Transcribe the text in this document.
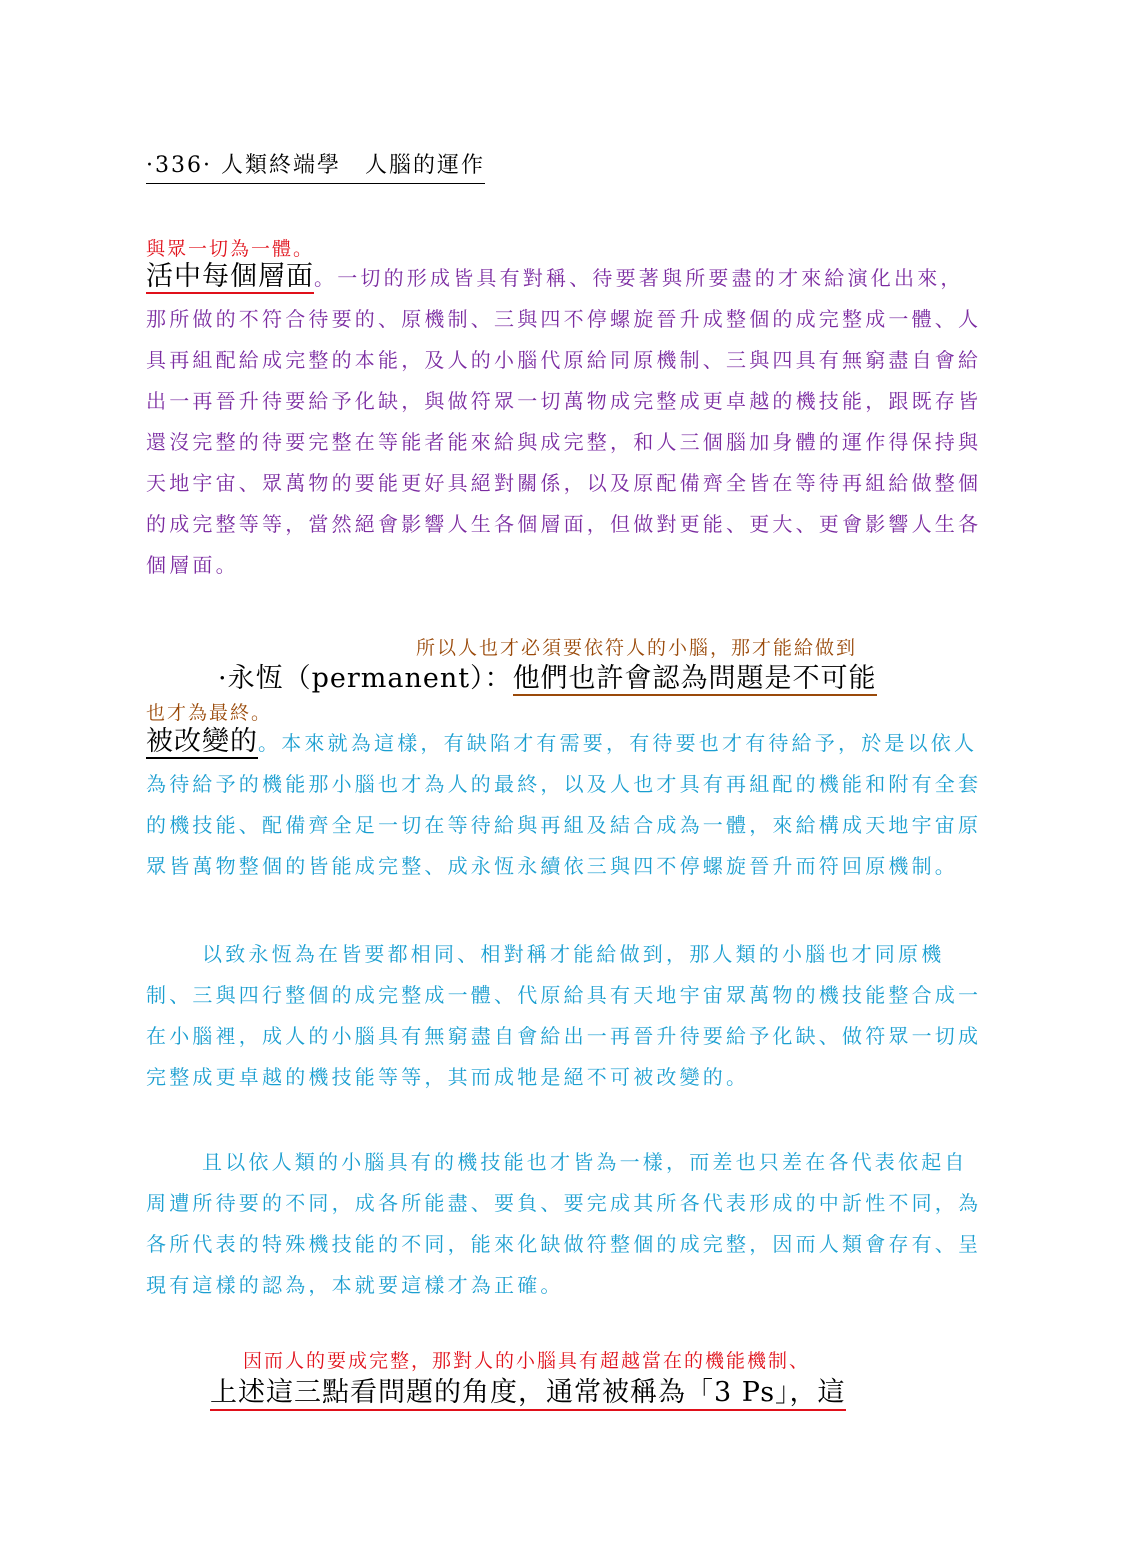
·336· 人類終端學　人腦的運作
與眾一切為一體。
活中每個層面。一切的形成皆具有對稱、待要著與所要盡的才來給演化出來，那所做的不符合待要的、原機制、三與四不停螺旋晉升成整個的成完整成一體、人具再組配給成完整的本能，及人的小腦代原給同原機制、三與四具有無窮盡自會給出一再晉升待要給予化缺，與做符眾一切萬物成完整成更卓越的機技能，跟既存皆還沒完整的待要完整在等能者能來給與成完整，和人三個腦加身體的運作得保持與天地宇宙、眾萬物的要能更好具絕對關係，以及原配備齊全皆在等待再組給做整個的成完整等等，當然絕會影響人生各個層面，但做對更能、更大、更會影響人生各個層面。
所以人也才必須要依符人的小腦，那才能給做到
·永恆（permanent）：他們也許會認為問題是不可能
也才為最終。
被改變的。本來就為這樣，有缺陷才有需要，有待要也才有待給予，於是以依人為待給予的機能那小腦也才為人的最終，以及人也才具有再組配的機能和附有全套的機技能、配備齊全足一切在等待給與再組及結合成為一體，來給構成天地宇宙原眾皆萬物整個的皆能成完整、成永恆永續依三與四不停螺旋晉升而符回原機制。
以致永恆為在皆要都相同、相對稱才能給做到，那人類的小腦也才同原機制、三與四行整個的成完整成一體、代原給具有天地宇宙眾萬物的機技能整合成一在小腦裡，成人的小腦具有無窮盡自會給出一再晉升待要給予化缺、做符眾一切成完整成更卓越的機技能等等，其而成牠是絕不可被改變的。
且以依人類的小腦具有的機技能也才皆為一樣，而差也只差在各代表依起自周遭所待要的不同，成各所能盡、要負、要完成其所各代表形成的中訢性不同，為各所代表的特殊機技能的不同，能來化缺做符整個的成完整，因而人類會存有、呈現有這樣的認為，本就要這樣才為正確。
因而人的要成完整，那對人的小腦具有超越當在的機能機制、
上述這三點看問題的角度，通常被稱為「3 Ps」，這
